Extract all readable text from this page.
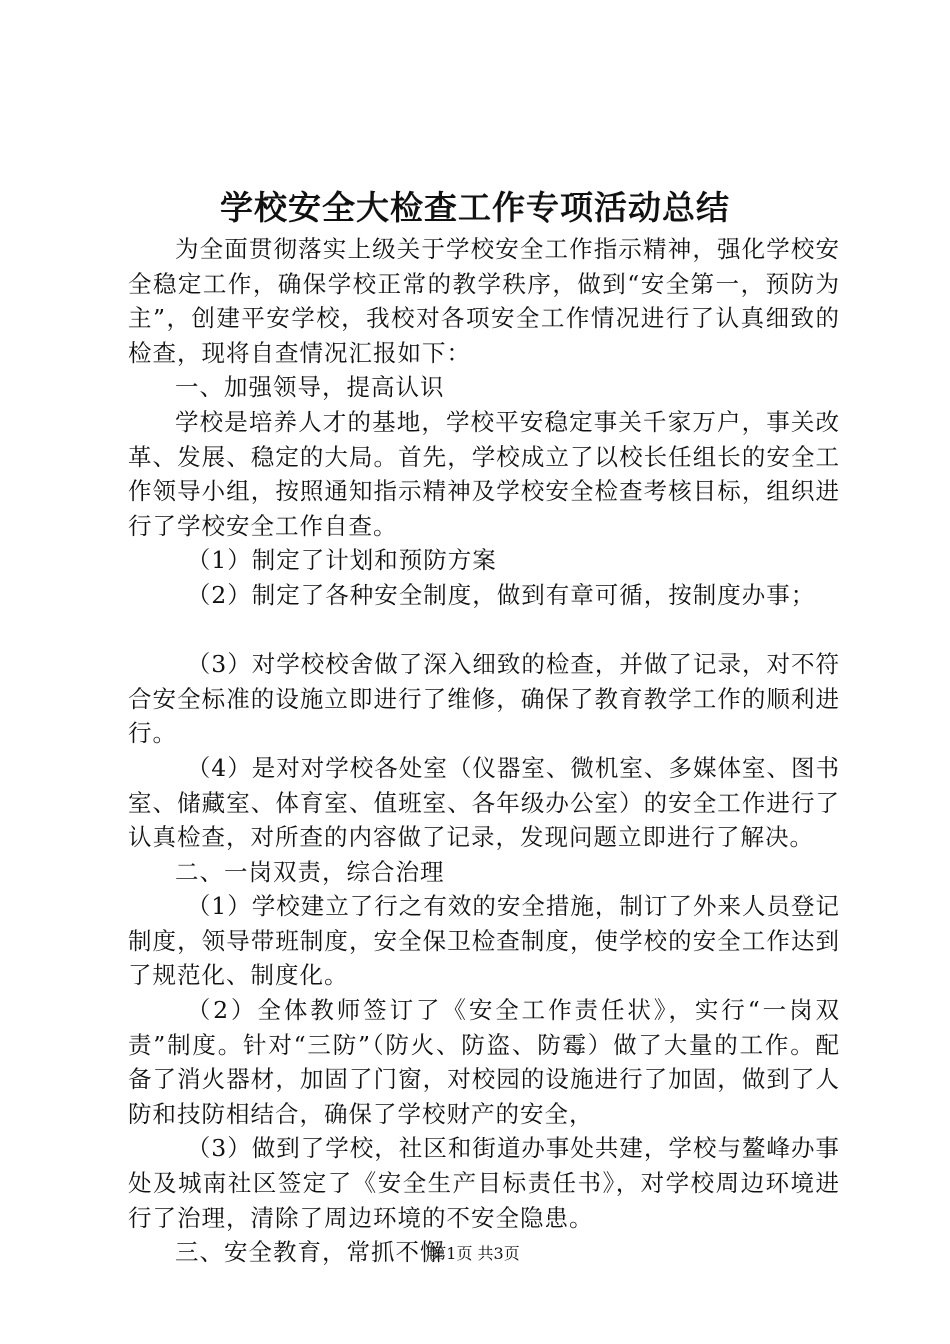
学校安全大检查工作专项活动总结

为全面贯彻落实上级关于学校安全工作指示精神，强化学校安全稳定工作，确保学校正常的教学秩序，做到“安全第一，预防为主”，创建平安学校，我校对各项安全工作情况进行了认真细致的检查，现将自查情况汇报如下：

一、加强领导，提高认识

学校是培养人才的基地，学校平安稳定事关千家万户，事关改革、发展、稳定的大局。首先，学校成立了以校长任组长的安全工作领导小组，按照通知指示精神及学校安全检查考核目标，组织进行了学校安全工作自查。

（1）制定了计划和预防方案

（2）制定了各种安全制度，做到有章可循，按制度办事；

（3）对学校校舍做了深入细致的检查，并做了记录，对不符合安全标准的设施立即进行了维修，确保了教育教学工作的顺利进行。

（4）是对对学校各处室（仪器室、微机室、多媒体室、图书室、储藏室、体育室、值班室、各年级办公室）的安全工作进行了认真检查，对所查的内容做了记录，发现问题立即进行了解决。

二、一岗双责，综合治理

（1）学校建立了行之有效的安全措施，制订了外来人员登记制度，领导带班制度，安全保卫检查制度，使学校的安全工作达到了规范化、制度化。

（2）全体教师签订了《安全工作责任状》，实行“一岗双责”制度。针对“三防”（防火、防盗、防霉）做了大量的工作。配备了消火器材，加固了门窗，对校园的设施进行了加固，做到了人防和技防相结合，确保了学校财产的安全，

（3）做到了学校，社区和街道办事处共建，学校与鳌峰办事处及城南社区签定了《安全生产目标责任书》，对学校周边环境进行了治理，清除了周边环境的不安全隐患。

三、安全教育，常抓不懈

第1页 共3页
